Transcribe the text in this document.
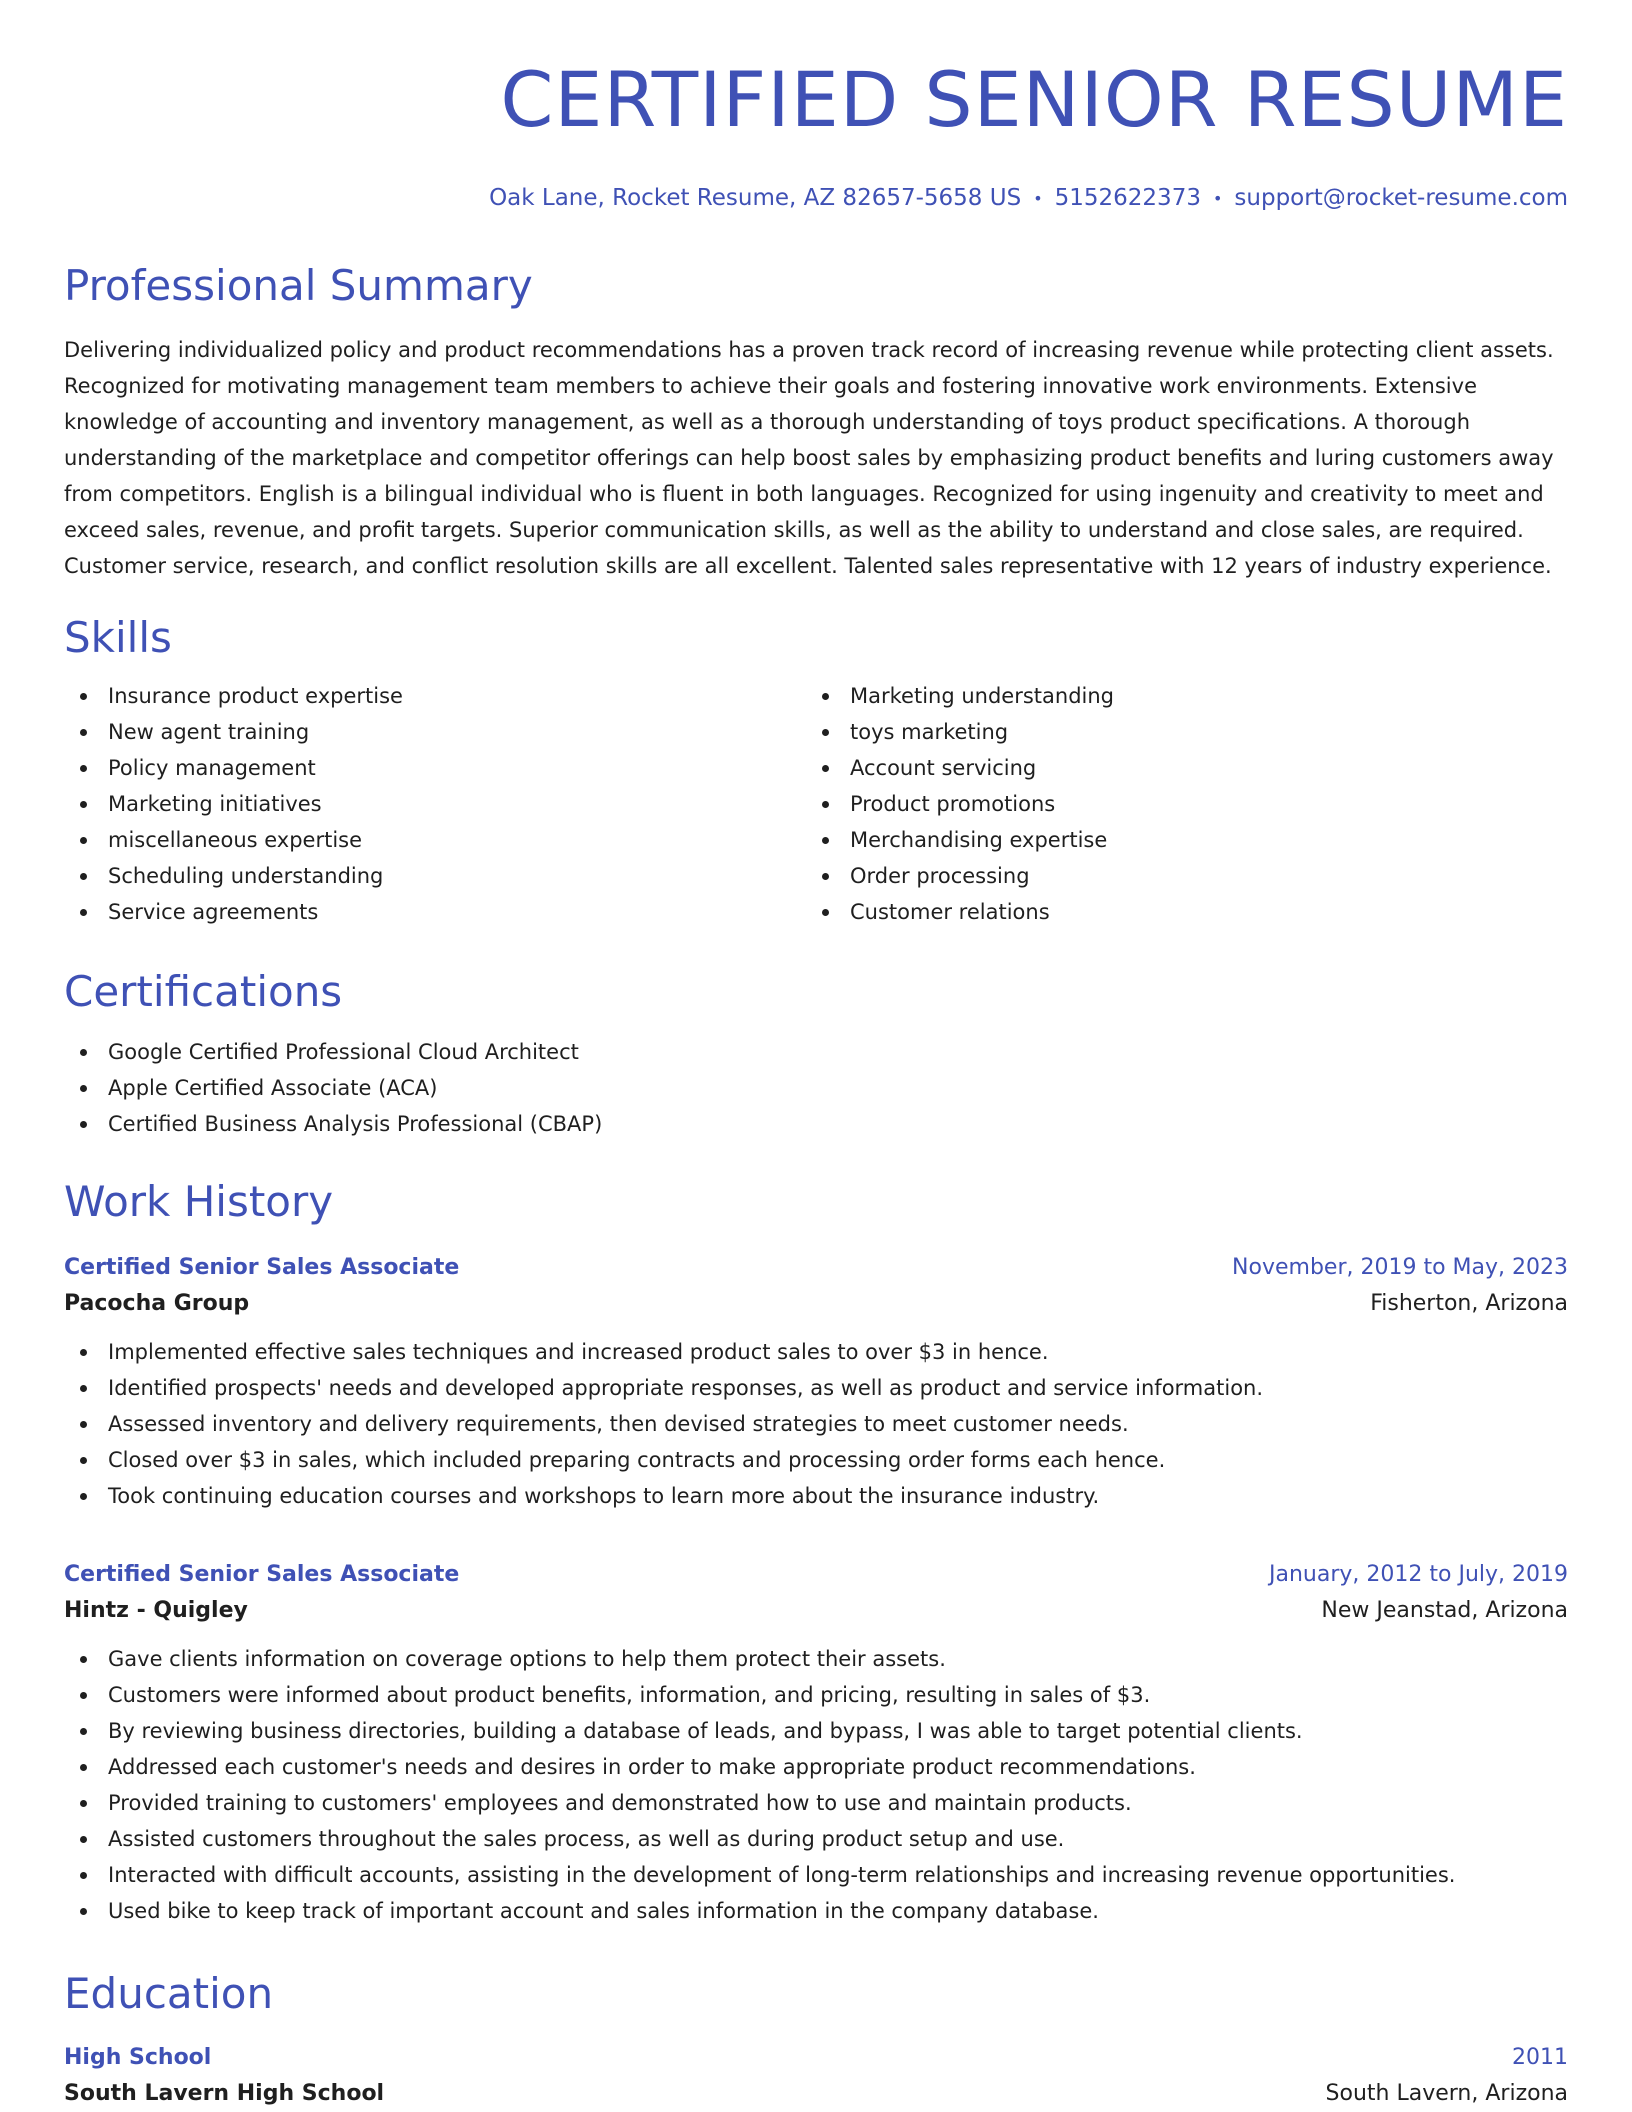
CERTIFIED SENIOR RESUME
Oak Lane, Rocket Resume, AZ 82657-5658 US • 5152622373 • support@rocket-resume.com
Professional Summary

Delivering individualized policy and product recommendations has a proven track record of increasing revenue while protecting client assets. Recognized for motivating management team members to achieve their goals and fostering innovative work environments. Extensive knowledge of accounting and inventory management, as well as a thorough understanding of toys product specifications. A thorough understanding of the marketplace and competitor offerings can help boost sales by emphasizing product benefits and luring customers away from competitors. English is a bilingual individual who is fluent in both languages. Recognized for using ingenuity and creativity to meet and exceed sales, revenue, and profit targets. Superior communication skills, as well as the ability to understand and close sales, are required. Customer service, research, and conflict resolution skills are all excellent. Talented sales representative with 12 years of industry experience.

Skills
Insurance product expertise
New agent training
Policy management
Marketing initiatives
miscellaneous expertise
Scheduling understanding
Service agreements
Marketing understanding
toys marketing
Account servicing
Product promotions
Merchandising expertise
Order processing
Customer relations
Certifications
Google Certified Professional Cloud Architect
Apple Certified Associate (ACA)
Certified Business Analysis Professional (CBAP)
Work History
Certified Senior Sales Associate	November, 2019 to May, 2023
Pacocha Group	Fisherton, Arizona
Implemented effective sales techniques and increased product sales to over $3 in hence.
Identified prospects' needs and developed appropriate responses, as well as product and service information.
Assessed inventory and delivery requirements, then devised strategies to meet customer needs.
Closed over $3 in sales, which included preparing contracts and processing order forms each hence.
Took continuing education courses and workshops to learn more about the insurance industry.
Certified Senior Sales Associate	January, 2012 to July, 2019
Hintz - Quigley	New Jeanstad, Arizona
Gave clients information on coverage options to help them protect their assets.
Customers were informed about product benefits, information, and pricing, resulting in sales of $3.
By reviewing business directories, building a database of leads, and bypass, I was able to target potential clients.
Addressed each customer's needs and desires in order to make appropriate product recommendations.
Provided training to customers' employees and demonstrated how to use and maintain products.
Assisted customers throughout the sales process, as well as during product setup and use.
Interacted with difficult accounts, assisting in the development of long-term relationships and increasing revenue opportunities.
Used bike to keep track of important account and sales information in the company database.
Education
High School	2011
South Lavern High School	South Lavern, Arizona
